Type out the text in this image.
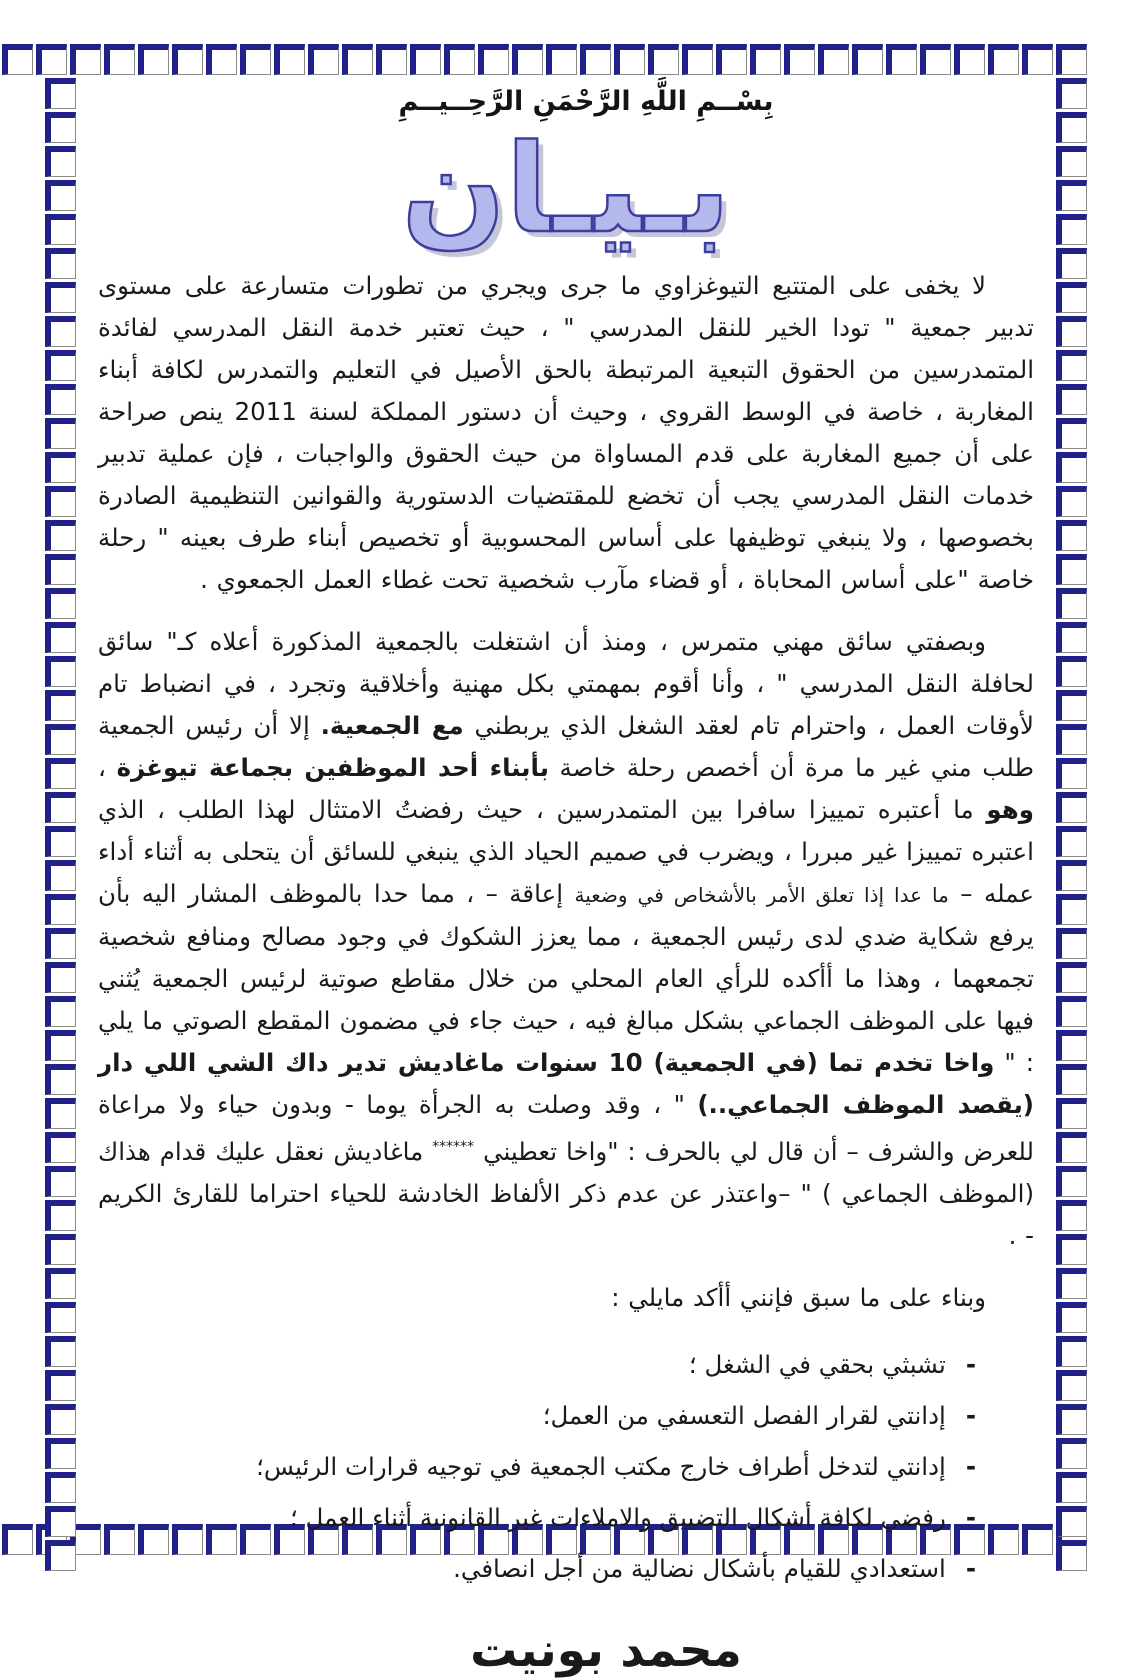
بِسْــمِ اللَّهِ الرَّحْمَنِ الرَّحِــيــمِ
بـيـان

لا يخفى على المتتبع التيوغزاوي ما جرى ويجري من تطورات متسارعة على مستوى تدبير جمعية " تودا الخير للنقل المدرسي " ، حيث تعتبر خدمة النقل المدرسي لفائدة المتمدرسين من الحقوق التبعية المرتبطة بالحق الأصيل في التعليم والتمدرس لكافة أبناء المغاربة ، خاصة في الوسط القروي ، وحيث أن دستور المملكة لسنة 2011 ينص صراحة على أن جميع المغاربة على قدم المساواة من حيث الحقوق والواجبات ، فإن عملية تدبير خدمات النقل المدرسي يجب أن تخضع للمقتضيات الدستورية والقوانين التنظيمية الصادرة بخصوصها ، ولا ينبغي توظيفها على أساس المحسوبية أو تخصيص أبناء طرف بعينه " رحلة خاصة "على أساس المحاباة ، أو قضاء مآرب شخصية تحت غطاء العمل الجمعوي .

وبصفتي سائق مهني متمرس ، ومنذ أن اشتغلت بالجمعية المذكورة أعلاه كـ" سائق لحافلة النقل المدرسي " ، وأنا أقوم بمهمتي بكل مهنية وأخلاقية وتجرد ، في انضباط تام لأوقات العمل ، واحترام تام لعقد الشغل الذي يربطني مع الجمعية. إلا أن رئيس الجمعية طلب مني غير ما مرة أن أخصص رحلة خاصة بأبناء أحد الموظفين بجماعة تيوغزة ، وهو ما أعتبره تمييزا سافرا بين المتمدرسين ، حيث رفضتُ الامتثال لهذا الطلب ، الذي اعتبره تمييزا غير مبررا ، ويضرب في صميم الحياد الذي ينبغي للسائق أن يتحلى به أثناء أداء عمله – ما عدا إذا تعلق الأمر بالأشخاص في وضعية إعاقة – ، مما حدا بالموظف المشار اليه بأن يرفع شكاية ضدي لدى رئيس الجمعية ، مما يعزز الشكوك في وجود مصالح ومنافع شخصية تجمعهما ، وهذا ما أأكده للرأي العام المحلي من خلال مقاطع صوتية لرئيس الجمعية يُثني فيها على الموظف الجماعي بشكل مبالغ فيه ، حيث جاء في مضمون المقطع الصوتي ما يلي : " واخا تخدم تما (في الجمعية) 10 سنوات ماغاديش تدير داك الشي اللي دار (يقصد الموظف الجماعي..) " ، وقد وصلت به الجرأة يوما - وبدون حياء ولا مراعاة للعرض والشرف – أن قال لي بالحرف : "واخا تعطيني ****** ماغاديش نعقل عليك قدام هذاك (الموظف الجماعي ) " –واعتذر عن عدم ذكر الألفاظ الخادشة للحياء احتراما للقارئ الكريم - .

وبناء على ما سبق فإنني أأكد مايلي :

-
تشبثي بحقي في الشغل ؛
-
إدانتي لقرار الفصل التعسفي من العمل؛
-
إدانتي لتدخل أطراف خارج مكتب الجمعية في توجيه قرارات الرئيس؛
-
رفضي لكافة أشكال التضييق والاملاءات غير القانونية أثناء العمل ؛
-
استعدادي للقيام بأشكال نضالية من أجل انصافي.
محمد بونيت
